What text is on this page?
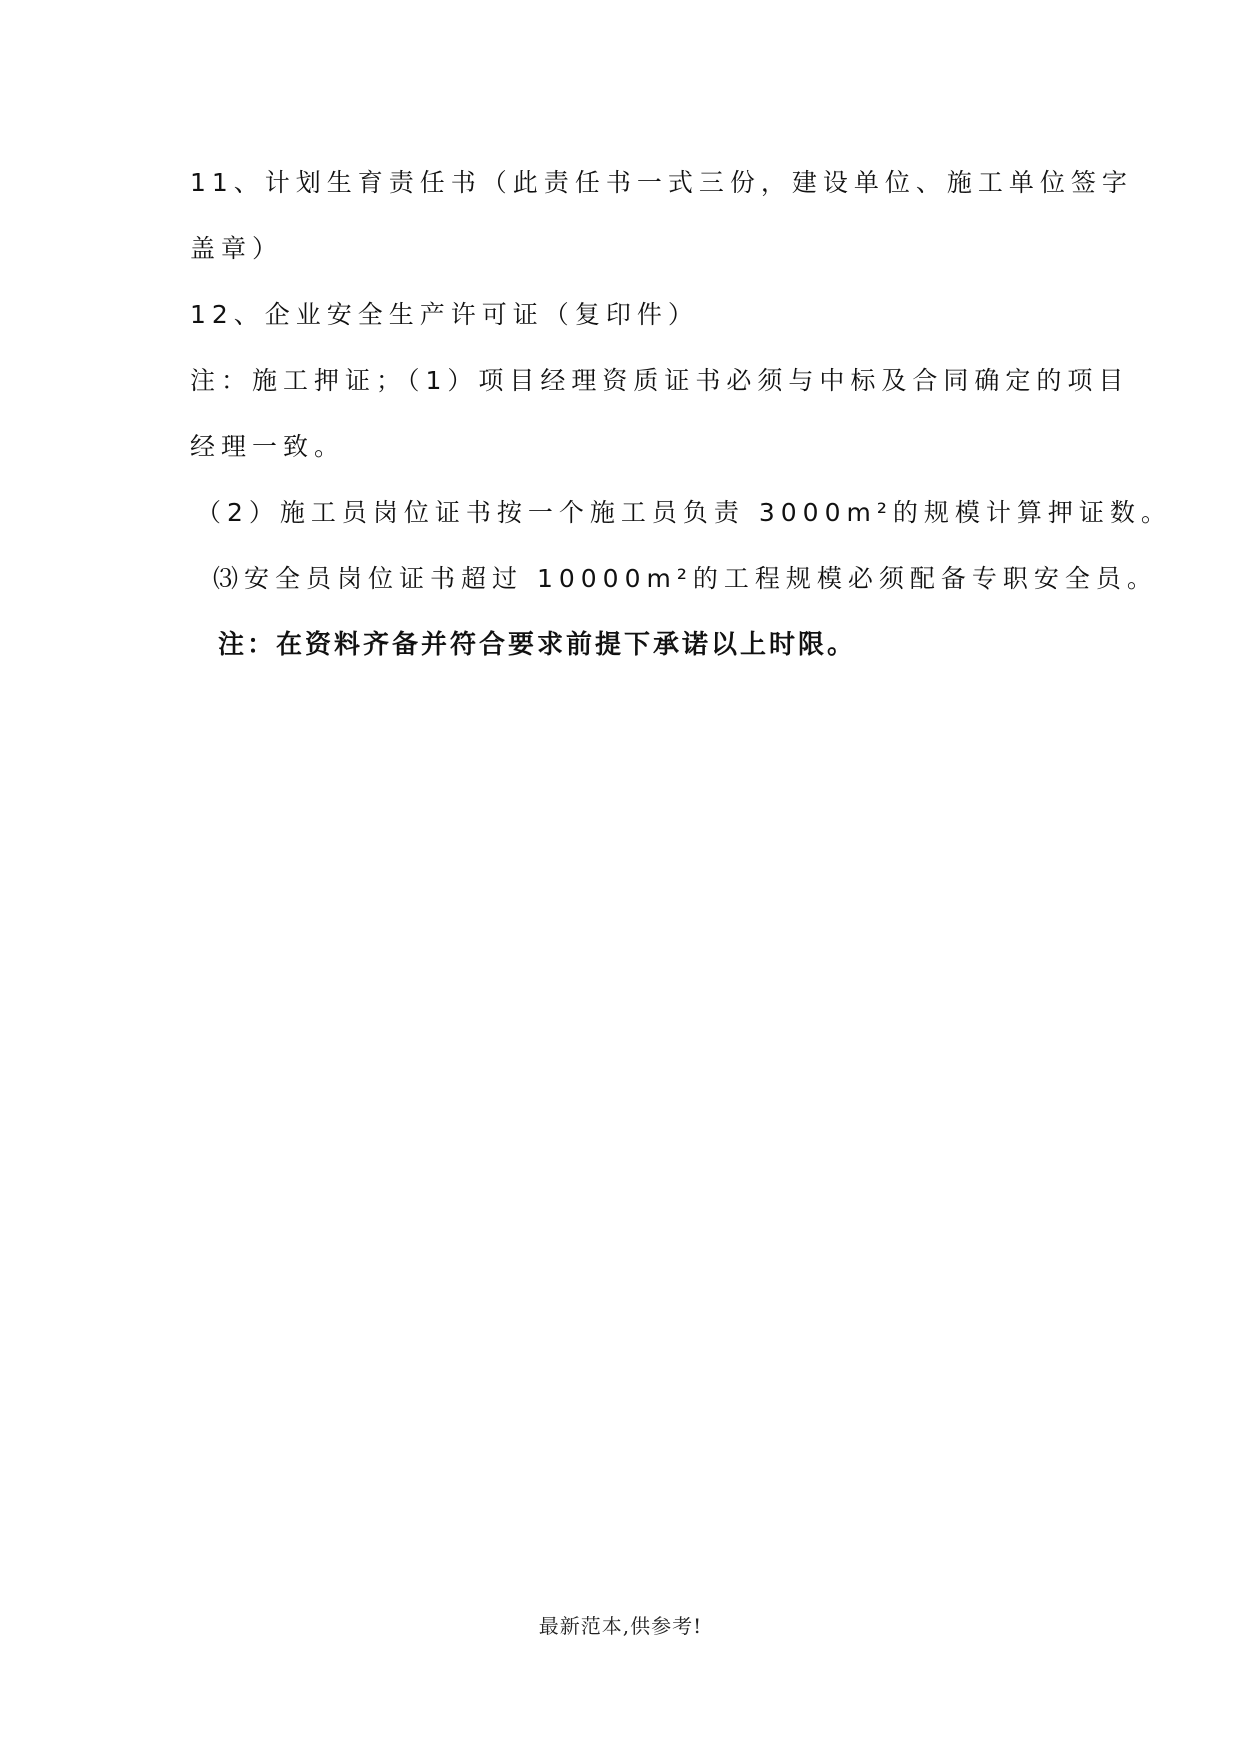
11、计划生育责任书（此责任书一式三份，建设单位、施工单位签字
盖章）
12、企业安全生产许可证（复印件）
注：施工押证；（1）项目经理资质证书必须与中标及合同确定的项目
经理一致。
（2）施工员岗位证书按一个施工员负责 3000m²的规模计算押证数。
⑶安全员岗位证书超过 10000m²的工程规模必须配备专职安全员。
注：在资料齐备并符合要求前提下承诺以上时限。
最新范本,供参考!
